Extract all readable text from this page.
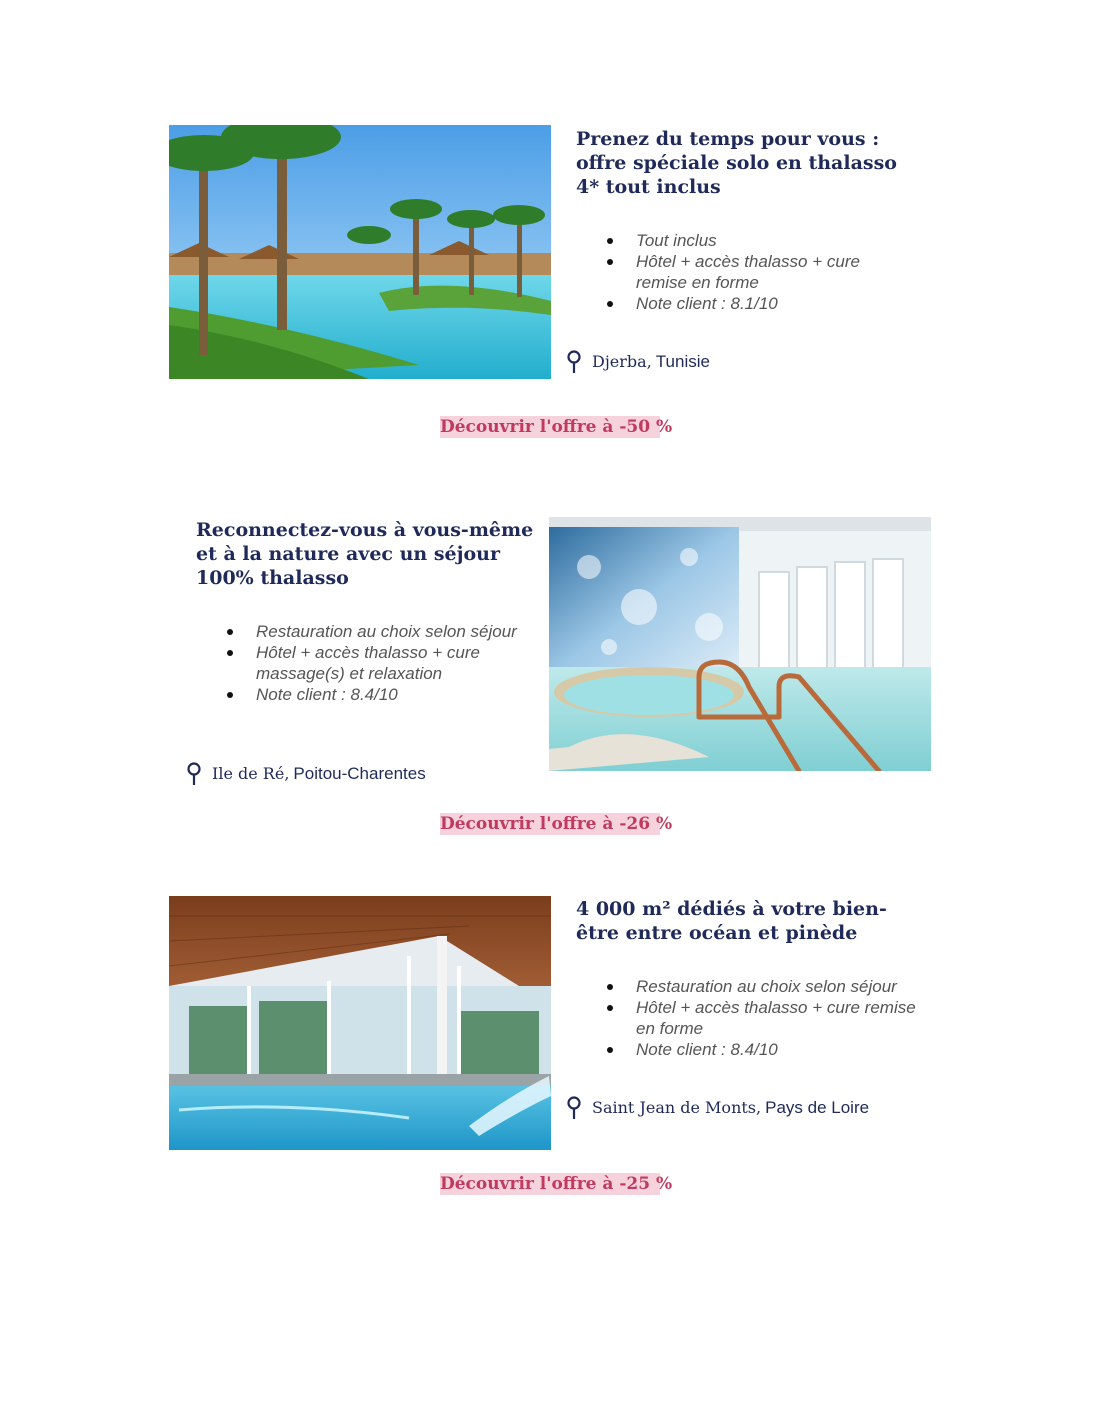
Prenez du temps pour vous : offre spéciale solo en thalasso 4* tout inclus
Tout inclus
Hôtel + accès thalasso + cure remise en forme
Note client : 8.1/10
Djerba, Tunisie
Découvrir l'offre à -50 %
Reconnectez-vous à vous-même et à la nature avec un séjour 100% thalasso
Restauration au choix selon séjour
Hôtel + accès thalasso + cure massage(s) et relaxation
Note client : 8.4/10
Ile de Ré, Poitou-Charentes
Découvrir l'offre à -26 %
4 000 m² dédiés à votre bien-être entre océan et pinède
Restauration au choix selon séjour
Hôtel + accès thalasso + cure remise en forme
Note client : 8.4/10
Saint Jean de Monts, Pays de Loire
Découvrir l'offre à -25 %
